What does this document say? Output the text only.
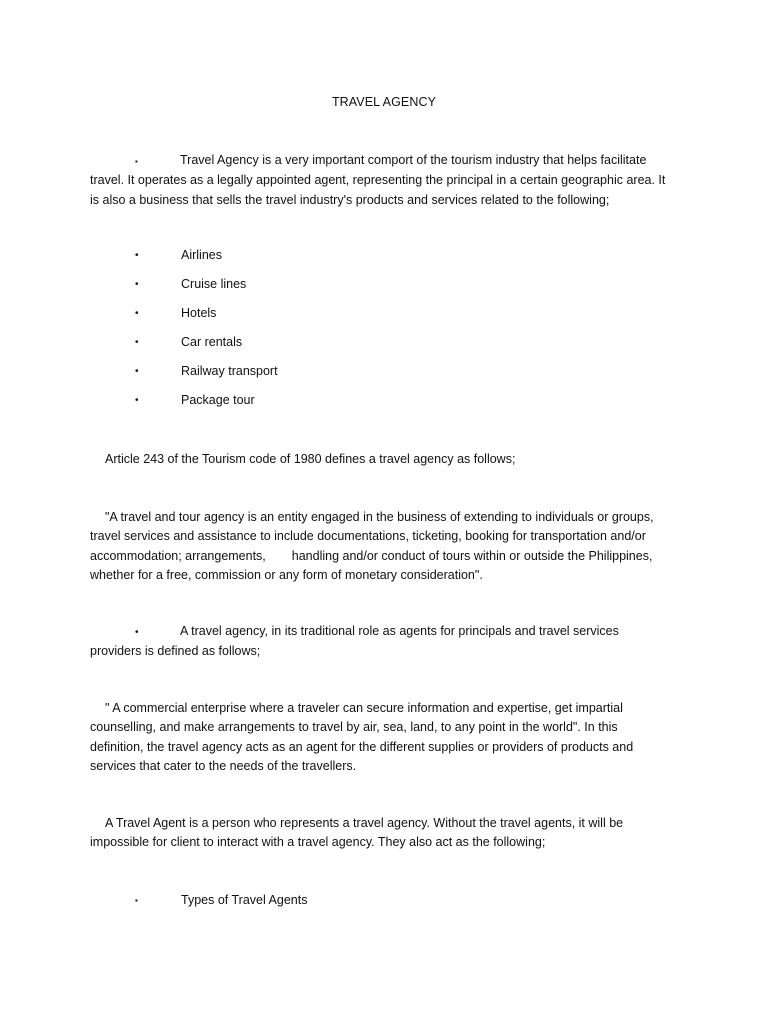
TRAVEL AGENCY
▪	Travel Agency is a very important comport of the tourism industry that helps facilitate
travel. It operates as a legally appointed agent, representing the principal in a certain geographic area. It
is also a business that sells the travel industry's products and services related to the following;
•	Airlines
•	Cruise lines
•	Hotels
•	Car rentals
•	Railway transport
•	Package tour
Article 243 of the Tourism code of 1980 defines a travel agency as follows;
"A travel and tour agency is an entity engaged in the business of extending to individuals or groups,
travel services and assistance to include documentations, ticketing, booking for transportation and/or
accommodation; arrangements, handling and/or conduct of tours within or outside the Philippines,
whether for a free, commission or any form of monetary consideration".
•	A travel agency, in its traditional role as agents for principals and travel services
providers is defined as follows;
" A commercial enterprise where a traveler can secure information and expertise, get impartial
counselling, and make arrangements to travel by air, sea, land, to any point in the world". In this
definition, the travel agency acts as an agent for the different supplies or providers of products and
services that cater to the needs of the travellers.
A Travel Agent is a person who represents a travel agency. Without the travel agents, it will be
impossible for client to interact with a travel agency. They also act as the following;
▪	Types of Travel Agents
